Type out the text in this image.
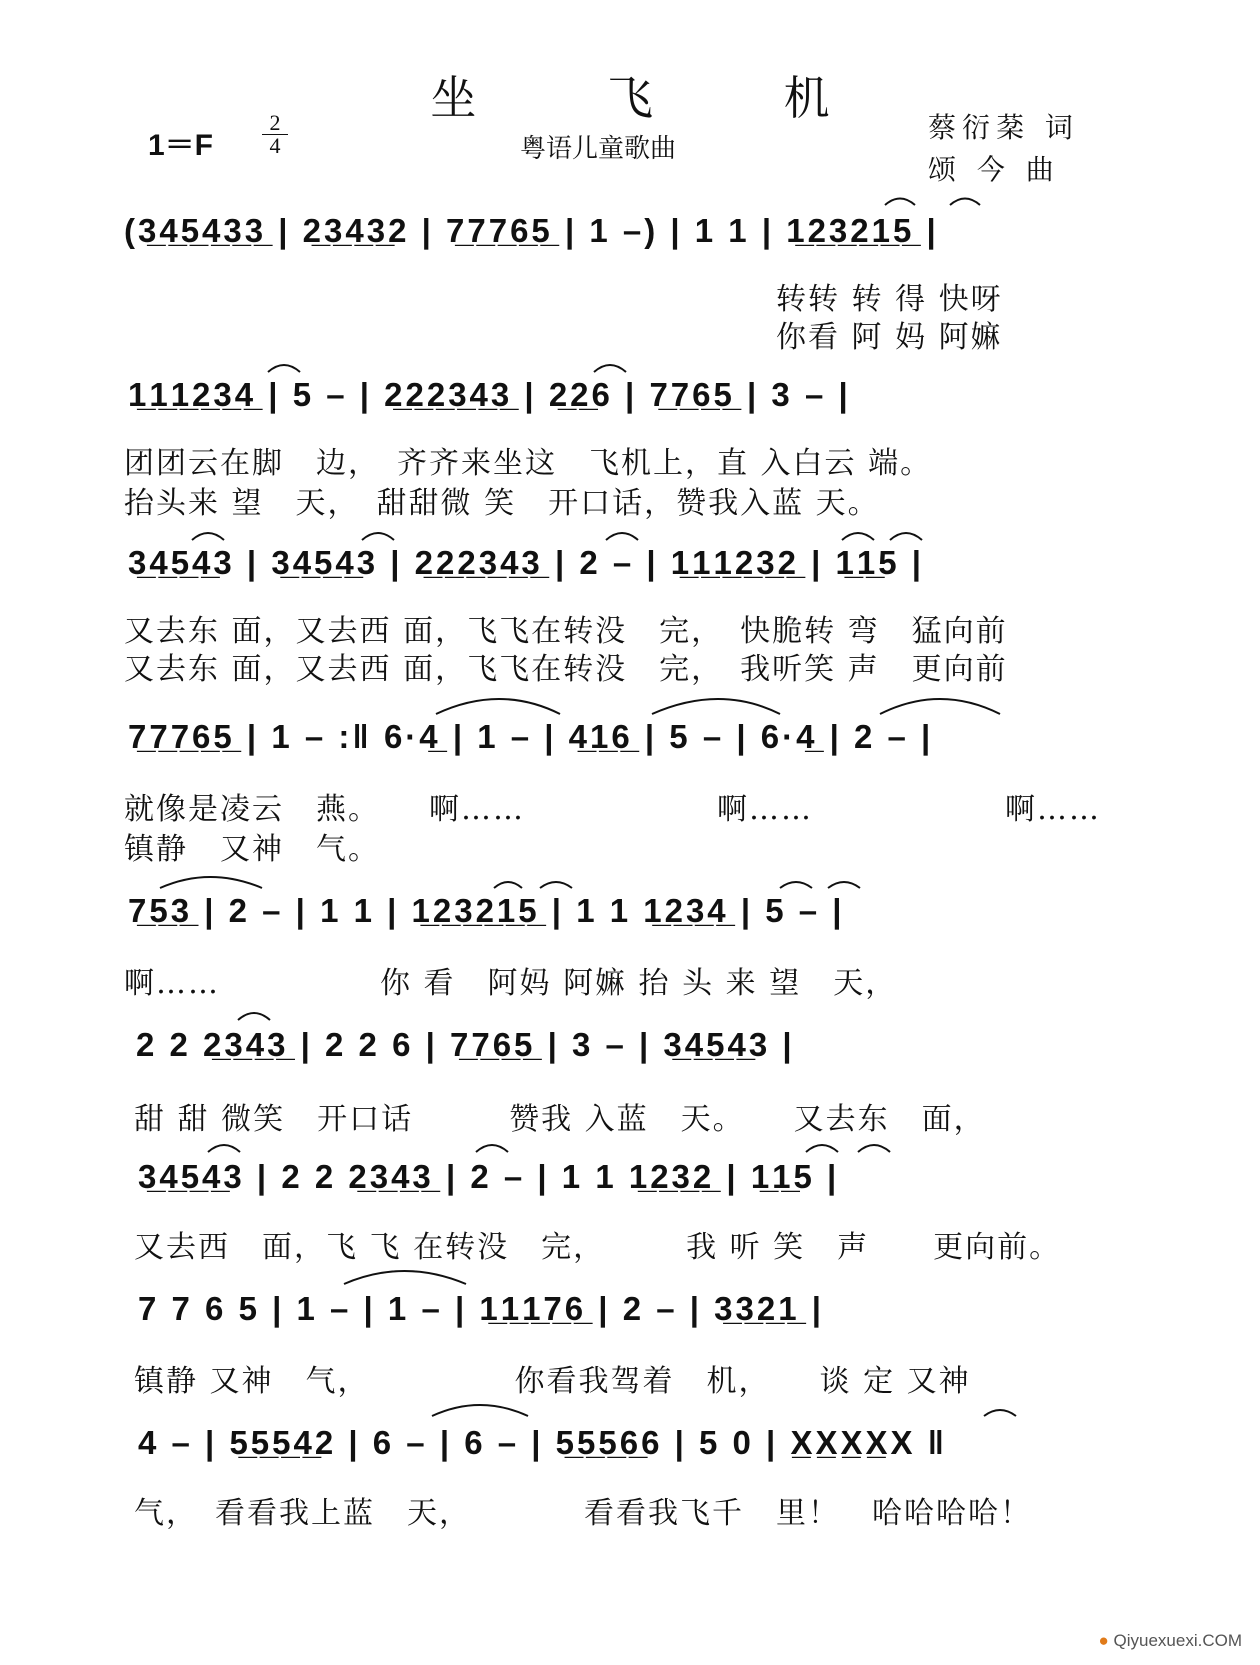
坐 飞 机
1＝F
2
4	粤语儿童歌曲
蔡衍棻 词
颂 今 曲
(3̲4̲5̲4̲3̲3̲ | 2̲3̲4̲3̲2 | 7̲7̲7̲6̲5̲ | 1 –) | 1 1 | 1̲2̲3̲2̲1̲5̲ |
转转 转 得 快呀
你看 阿 妈 阿嫲
1̲1̲1̲2̲3̲4̲ | 5 – | 2̲2̲2̲3̲4̲3̲ | 2̲2̲6 | 7̲7̲6̲5̲ | 3 – |
团团云在脚　边，　齐齐来坐这　飞机上，直 入白云 端。
抬头来 望　天，　甜甜微 笑　开口话，赞我入蓝 天。
3̲4̲5̲4̲3 | 3̲4̲5̲4̲3 | 2̲2̲2̲3̲4̲3̲ | 2 – | 1̲1̲1̲2̲3̲2̲ | 1̲1̲5 |
又去东 面，又去西 面，飞飞在转没　完，　快脆转 弯　猛向前
又去东 面，又去西 面，飞飞在转没　完，　我听笑 声　更向前
7̲7̲7̲6̲5̲ | 1 – :‖ 6·4̲ | 1 – | 4̲1̲6̲ | 5 – | 6·4̲ | 2 – |
就像是凌云　燕。　　啊……　　　　　　啊……　　　　　　啊……
镇静　又神　气。
7̲5̲3̲ | 2 – | 1 1 | 1̲2̲3̲2̲1̲5̲ | 1 1 1̲2̲3̲4̲ | 5 – |
啊……　　　　　你 看　阿妈 阿嫲 抬 头 来 望　天，
2 2 2̲3̲4̲3̲ | 2 2 6 | 7̲7̲6̲5̲ | 3 – | 3̲4̲5̲4̲3 |
甜 甜 微笑　开口话　　　赞我 入蓝　天。　　又去东　面，
3̲4̲5̲4̲3 | 2 2 2̲3̲4̲3̲ | 2 – | 1 1 1̲2̲3̲2̲ | 1̲1̲5 |
又去西　面，飞 飞 在转没　完，　　　我 听 笑　声　　更向前。
7 7 6 5 | 1 – | 1 – | 1̲1̲1̲7̲6̲ | 2 – | 3̲3̲2̲1̲ |
镇静 又神　气，　　　　　你看我驾着　机，　　谈 定 又神
4 – | 5̲5̲5̲4̲2 | 6 – | 6 – | 5̲5̲5̲6̲6 | 5 0 | X̲X̲X̲X̲X ‖
气，　看看我上蓝　天，　　　　看看我飞千　里！　哈哈哈哈！
● Qiyuexuexi.COM
